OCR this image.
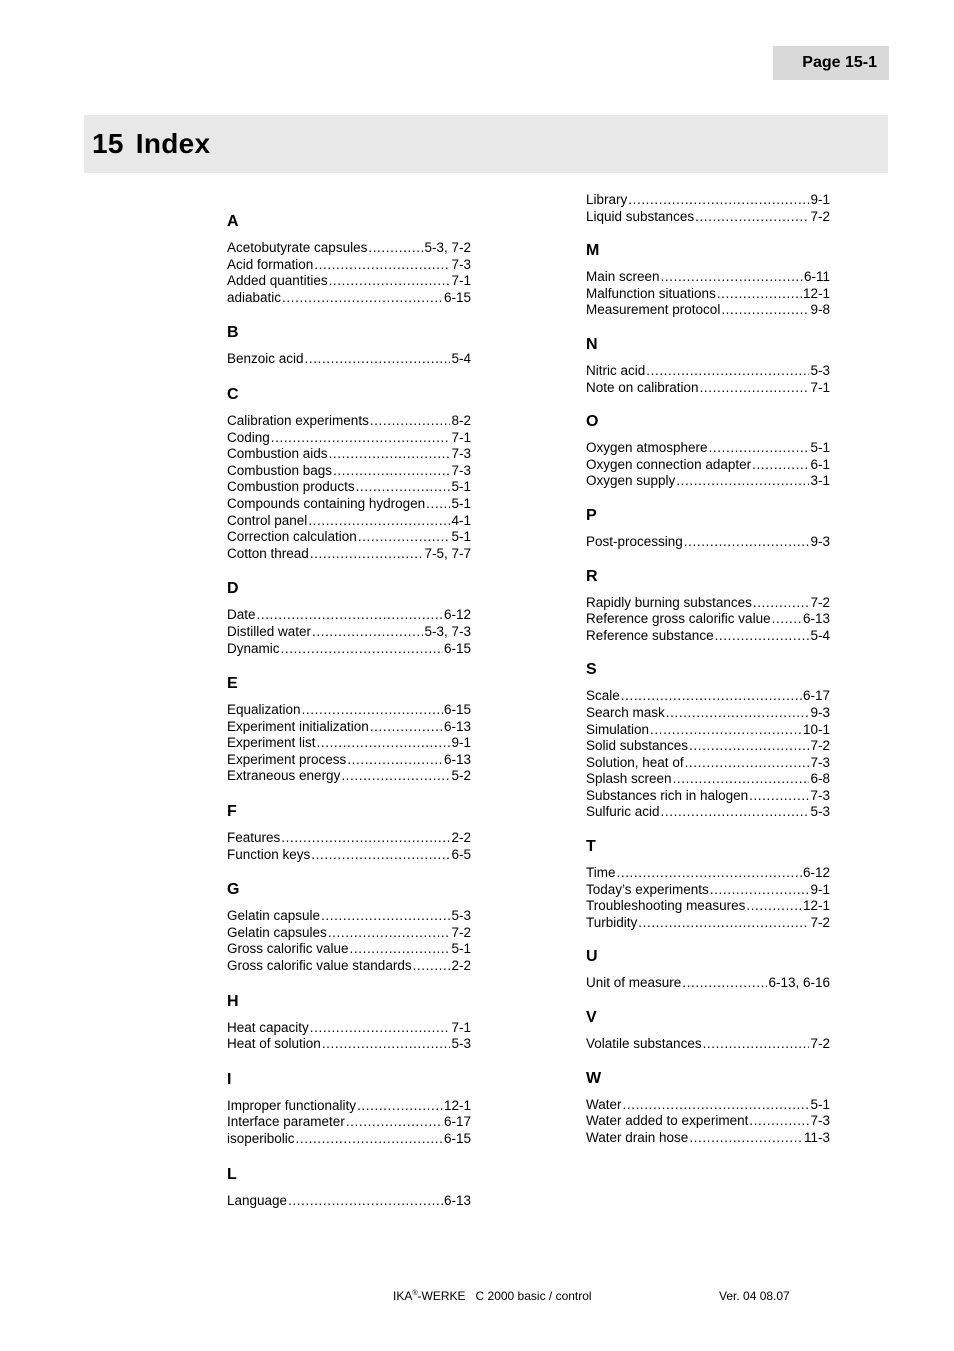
Page 15-1
15 Index
A
Acetobutyrate capsules .....	5-3, 7-2
Acid formation .....	7-3
Added quantities .....	7-1
adiabatic .....	6-15
B
Benzoic acid .....	5-4
C
Calibration experiments .....	8-2
Coding .....	7-1
Combustion aids .....	7-3
Combustion bags .....	7-3
Combustion products .....	5-1
Compounds containing hydrogen ..... 5-1
Control panel .....	4-1
Correction calculation .....	5-1
Cotton thread .....	7-5, 7-7
D
Date .....	6-12
Distilled water .....	5-3, 7-3
Dynamic .....	6-15
E
Equalization .....	6-15
Experiment initialization .....	6-13
Experiment list .....	9-1
Experiment process .....	6-13
Extraneous energy .....	5-2
F
Features .....	2-2
Function keys .....	6-5
G
Gelatin capsule .....	5-3
Gelatin capsules .....	7-2
Gross calorific value .....	5-1
Gross calorific value standards .....	2-2
H
Heat capacity .....	7-1
Heat of solution .....	5-3
I
Improper functionality .....	12-1
Interface parameter .....	6-17
isoperibolic .....	6-15
L
Language .....	6-13
Library .....	9-1
Liquid substances .....	7-2
M
Main screen .....	6-11
Malfunction situations .....	12-1
Measurement protocol .....	9-8
N
Nitric acid .....	5-3
Note on calibration .....	7-1
O
Oxygen atmosphere .....	5-1
Oxygen connection adapter .....	6-1
Oxygen supply .....	3-1
P
Post-processing .....	9-3
R
Rapidly burning substances .....	7-2
Reference gross calorific value ..... 6-13
Reference substance .....	5-4
S
Scale .....	6-17
Search mask .....	9-3
Simulation .....	10-1
Solid substances .....	7-2
Solution, heat of .....	7-3
Splash screen .....	6-8
Substances rich in halogen .....	7-3
Sulfuric acid .....	5-3
T
Time .....	6-12
Today’s experiments .....	9-1
Troubleshooting measures .....	12-1
Turbidity .....	7-2
U
Unit of measure .....	6-13, 6-16
V
Volatile substances .....	7-2
W
Water .....	5-1
Water added to experiment .....	7-3
Water drain hose .....	11-3
IKA®-WERKE C 2000 basic / control	Ver. 04 08.07
